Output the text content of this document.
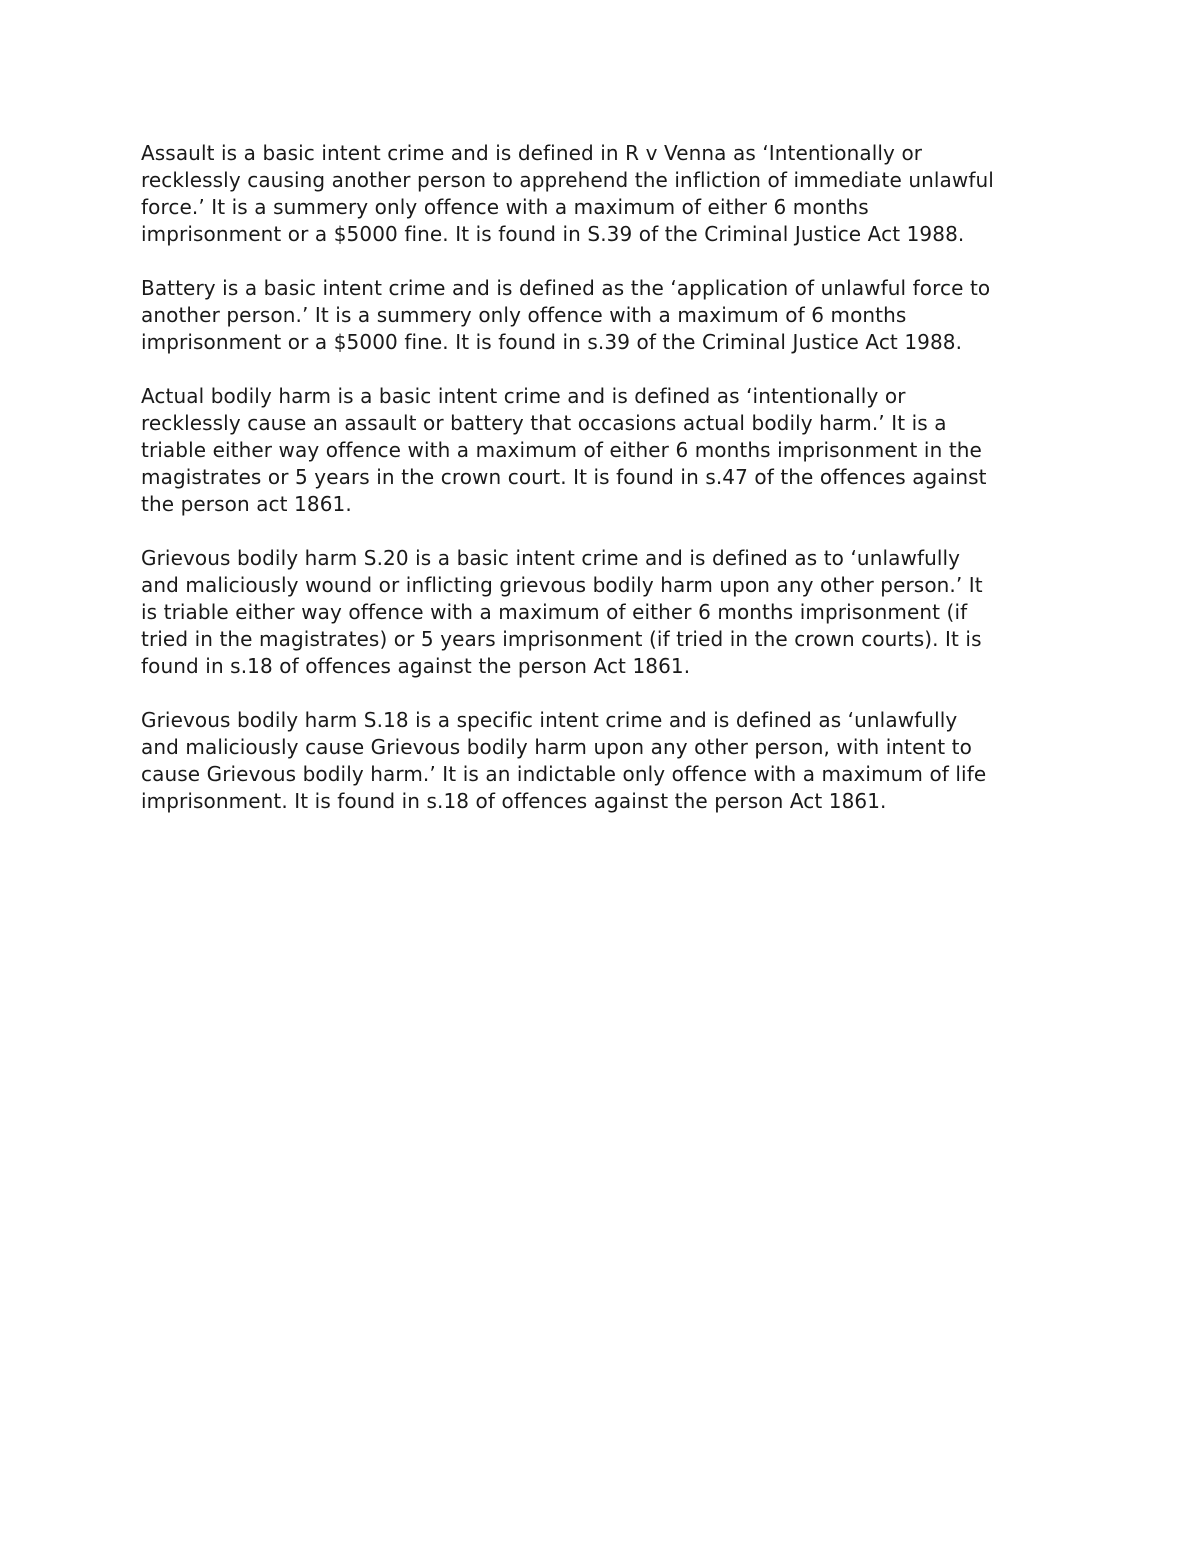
Assault is a basic intent crime and is defined in R v Venna as ‘Intentionally or
recklessly causing another person to apprehend the infliction of immediate unlawful
force.’ It is a summery only offence with a maximum of either 6 months
imprisonment or a $5000 fine. It is found in S.39 of the Criminal Justice Act 1988.

Battery is a basic intent crime and is defined as the ‘application of unlawful force to
another person.’ It is a summery only offence with a maximum of 6 months
imprisonment or a $5000 fine. It is found in s.39 of the Criminal Justice Act 1988.

Actual bodily harm is a basic intent crime and is defined as ‘intentionally or
recklessly cause an assault or battery that occasions actual bodily harm.’ It is a
triable either way offence with a maximum of either 6 months imprisonment in the
magistrates or 5 years in the crown court. It is found in s.47 of the offences against
the person act 1861.

Grievous bodily harm S.20 is a basic intent crime and is defined as to ‘unlawfully
and maliciously wound or inflicting grievous bodily harm upon any other person.’ It
is triable either way offence with a maximum of either 6 months imprisonment (if
tried in the magistrates) or 5 years imprisonment (if tried in the crown courts). It is
found in s.18 of offences against the person Act 1861.

Grievous bodily harm S.18 is a specific intent crime and is defined as ‘unlawfully
and maliciously cause Grievous bodily harm upon any other person, with intent to
cause Grievous bodily harm.’ It is an indictable only offence with a maximum of life
imprisonment. It is found in s.18 of offences against the person Act 1861.
